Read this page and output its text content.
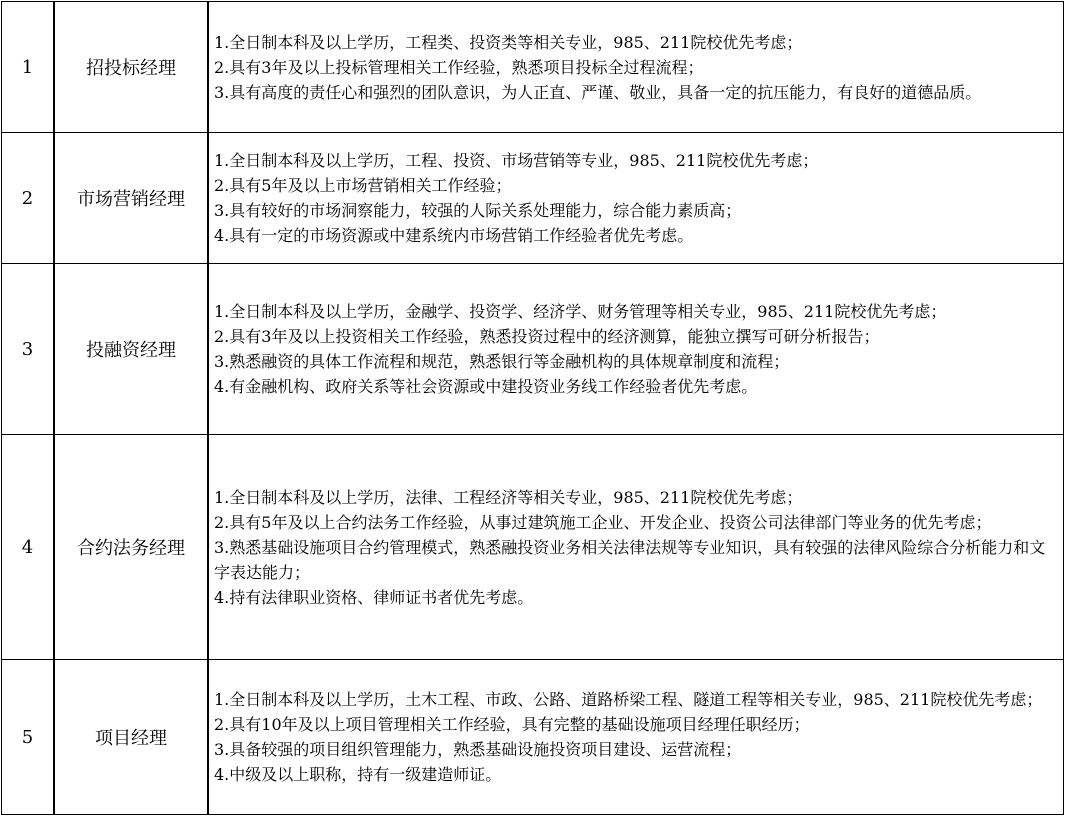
1	招投标经理	1.全日制本科及以上学历，工程类、投资类等相关专业，985、211院校优先考虑；
2.具有3年及以上投标管理相关工作经验，熟悉项目投标全过程流程；
3.具有高度的责任心和强烈的团队意识，为人正直、严谨、敬业，具备一定的抗压能力，有良好的道德品质。

2	市场营销经理	1.全日制本科及以上学历，工程、投资、市场营销等专业，985、211院校优先考虑；
2.具有5年及以上市场营销相关工作经验；
3.具有较好的市场洞察能力，较强的人际关系处理能力，综合能力素质高；
4.具有一定的市场资源或中建系统内市场营销工作经验者优先考虑。

3	投融资经理	1.全日制本科及以上学历，金融学、投资学、经济学、财务管理等相关专业，985、211院校优先考虑；
2.具有3年及以上投资相关工作经验，熟悉投资过程中的经济测算，能独立撰写可研分析报告；
3.熟悉融资的具体工作流程和规范，熟悉银行等金融机构的具体规章制度和流程；
4.有金融机构、政府关系等社会资源或中建投资业务线工作经验者优先考虑。

4	合约法务经理	1.全日制本科及以上学历，法律、工程经济等相关专业，985、211院校优先考虑；
2.具有5年及以上合约法务工作经验，从事过建筑施工企业、开发企业、投资公司法律部门等业务的优先考虑；
3.熟悉基础设施项目合约管理模式，熟悉融投资业务相关法律法规等专业知识，具有较强的法律风险综合分析能力和文字表达能力；
4.持有法律职业资格、律师证书者优先考虑。

5	项目经理	1.全日制本科及以上学历，土木工程、市政、公路、道路桥梁工程、隧道工程等相关专业，985、211院校优先考虑；
2.具有10年及以上项目管理相关工作经验，具有完整的基础设施项目经理任职经历；
3.具备较强的项目组织管理能力，熟悉基础设施投资项目建设、运营流程；
4.中级及以上职称，持有一级建造师证。
